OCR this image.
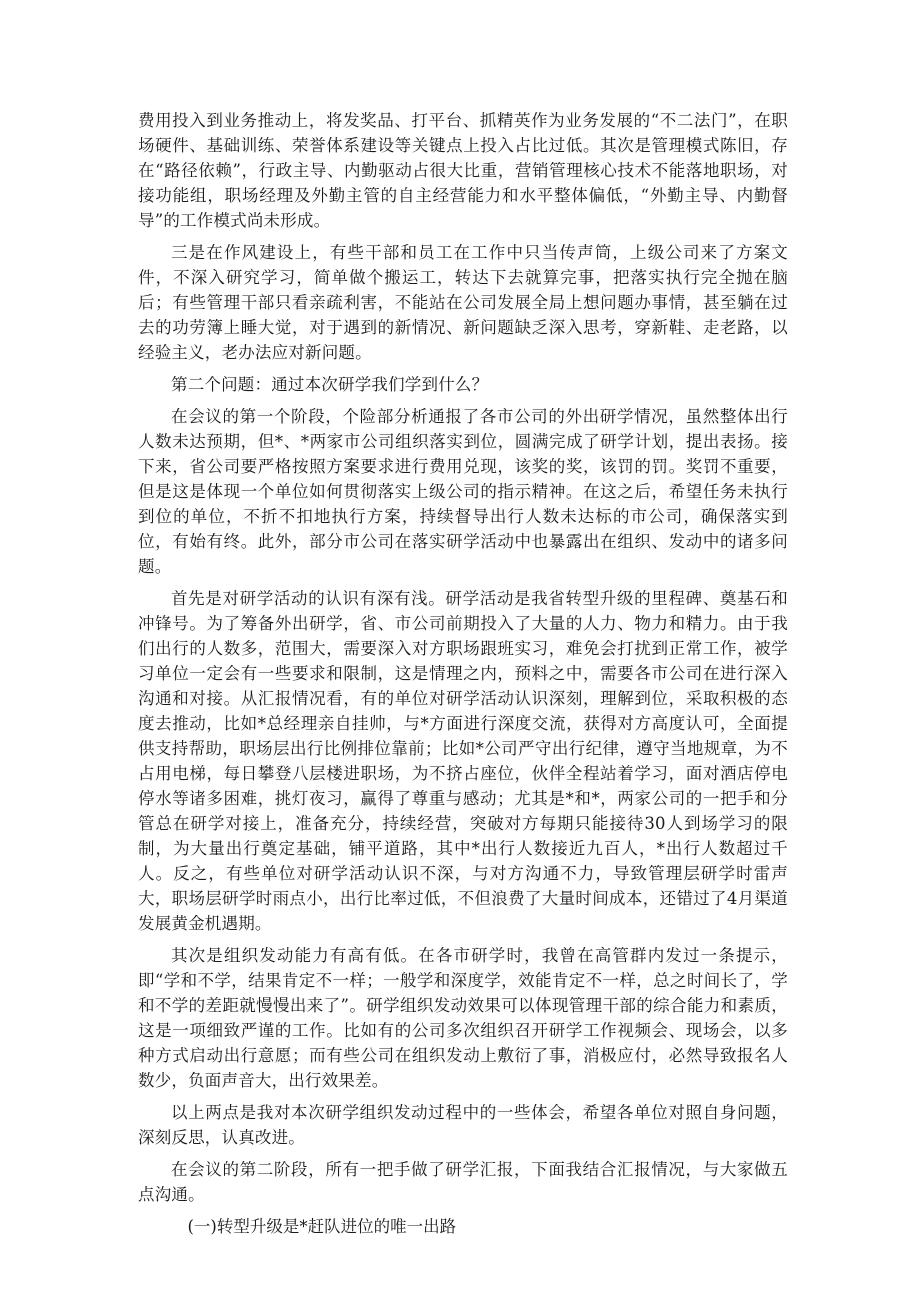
费用投入到业务推动上，将发奖品、打平台、抓精英作为业务发展的“不二法门”，在职场硬件、基础训练、荣誉体系建设等关键点上投入占比过低。其次是管理模式陈旧，存在“路径依赖”，行政主导、内勤驱动占很大比重，营销管理核心技术不能落地职场，对接功能组，职场经理及外勤主管的自主经营能力和水平整体偏低，“外勤主导、内勤督导”的工作模式尚未形成。

三是在作风建设上，有些干部和员工在工作中只当传声筒，上级公司来了方案文件，不深入研究学习，简单做个搬运工，转达下去就算完事，把落实执行完全抛在脑后；有些管理干部只看亲疏利害，不能站在公司发展全局上想问题办事情，甚至躺在过去的功劳簿上睡大觉，对于遇到的新情况、新问题缺乏深入思考，穿新鞋、走老路，以经验主义，老办法应对新问题。

第二个问题：通过本次研学我们学到什么？

在会议的第一个阶段，个险部分析通报了各市公司的外出研学情况，虽然整体出行人数未达预期，但*、*两家市公司组织落实到位，圆满完成了研学计划，提出表扬。接下来，省公司要严格按照方案要求进行费用兑现，该奖的奖，该罚的罚。奖罚不重要，但是这是体现一个单位如何贯彻落实上级公司的指示精神。在这之后，希望任务未执行到位的单位，不折不扣地执行方案，持续督导出行人数未达标的市公司，确保落实到位，有始有终。此外，部分市公司在落实研学活动中也暴露出在组织、发动中的诸多问题。

首先是对研学活动的认识有深有浅。研学活动是我省转型升级的里程碑、奠基石和冲锋号。为了筹备外出研学，省、市公司前期投入了大量的人力、物力和精力。由于我们出行的人数多，范围大，需要深入对方职场跟班实习，难免会打扰到正常工作，被学习单位一定会有一些要求和限制，这是情理之内，预料之中，需要各市公司在进行深入沟通和对接。从汇报情况看，有的单位对研学活动认识深刻，理解到位，采取积极的态度去推动，比如*总经理亲自挂帅，与*方面进行深度交流，获得对方高度认可，全面提供支持帮助，职场层出行比例排位靠前；比如*公司严守出行纪律，遵守当地规章，为不占用电梯，每日攀登八层楼进职场，为不挤占座位，伙伴全程站着学习，面对酒店停电停水等诸多困难，挑灯夜习，赢得了尊重与感动；尤其是*和*，两家公司的一把手和分管总在研学对接上，准备充分，持续经营，突破对方每期只能接待30人到场学习的限制，为大量出行奠定基础，铺平道路，其中*出行人数接近九百人，*出行人数超过千人。反之，有些单位对研学活动认识不深，与对方沟通不力，导致管理层研学时雷声大，职场层研学时雨点小，出行比率过低，不但浪费了大量时间成本，还错过了4月渠道发展黄金机遇期。

其次是组织发动能力有高有低。在各市研学时，我曾在高管群内发过一条提示，即“学和不学，结果肯定不一样；一般学和深度学，效能肯定不一样，总之时间长了，学和不学的差距就慢慢出来了”。研学组织发动效果可以体现管理干部的综合能力和素质，这是一项细致严谨的工作。比如有的公司多次组织召开研学工作视频会、现场会，以多种方式启动出行意愿；而有些公司在组织发动上敷衍了事，消极应付，必然导致报名人数少，负面声音大，出行效果差。

以上两点是我对本次研学组织发动过程中的一些体会，希望各单位对照自身问题，深刻反思，认真改进。

在会议的第二阶段，所有一把手做了研学汇报，下面我结合汇报情况，与大家做五点沟通。

(一)转型升级是*赶队进位的唯一出路
